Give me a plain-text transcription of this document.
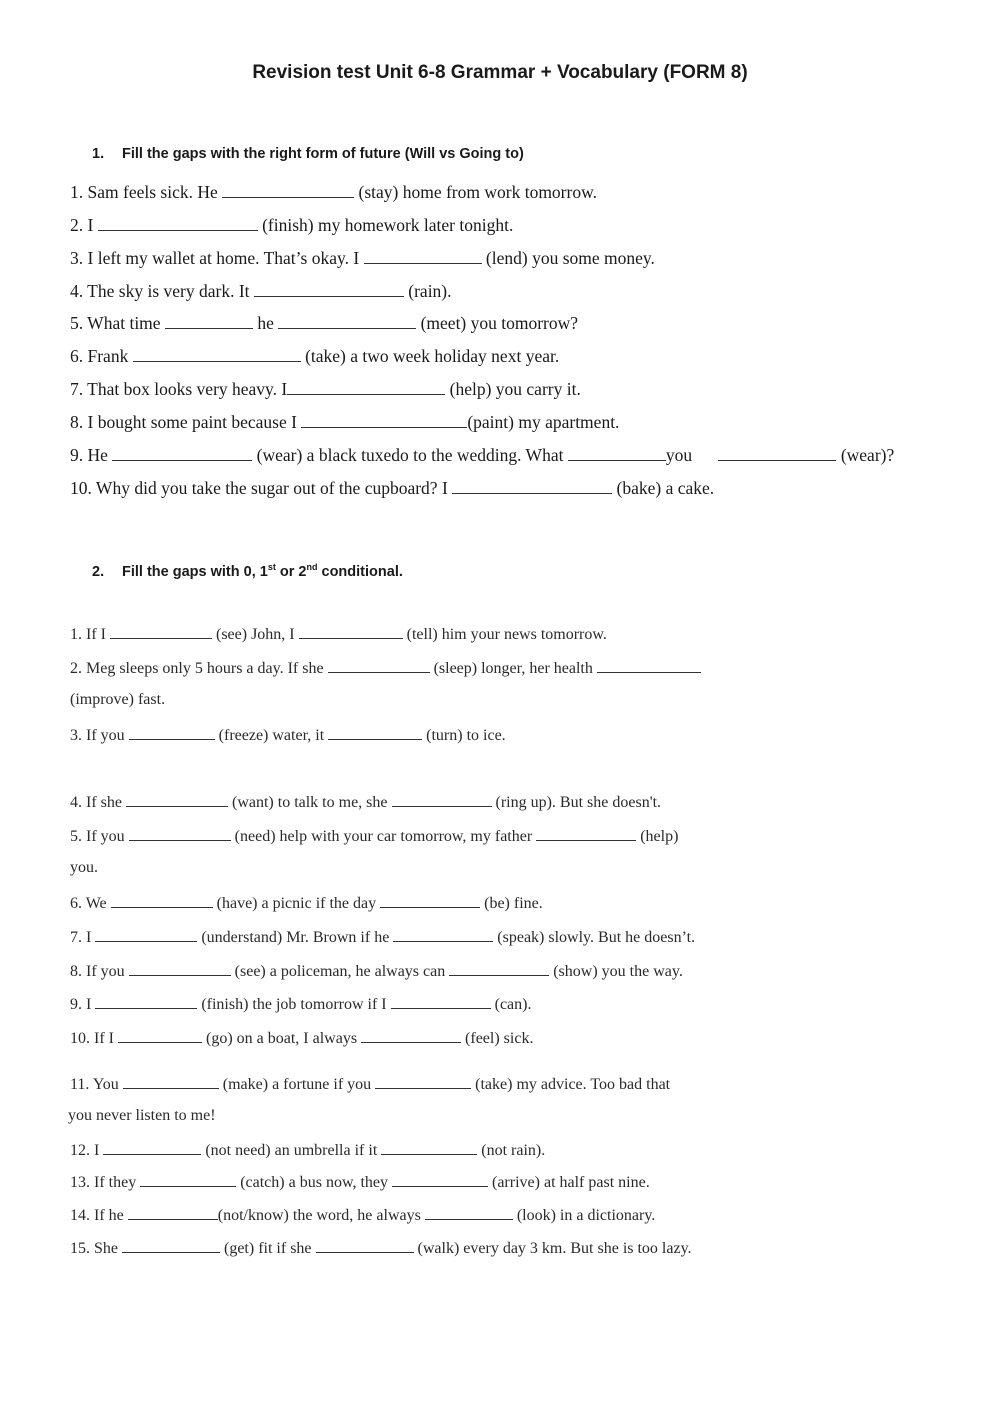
Revision test Unit 6-8 Grammar + Vocabulary (FORM 8)
1. Fill the gaps with the right form of future (Will vs Going to)
1. Sam feels sick. He	(stay) home from work tomorrow.
2. I	(finish) my homework later tonight.
3. I left my wallet at home. That’s okay. I	(lend) you some money.
4. The sky is very dark. It	(rain).
5. What time	he	(meet) you tomorrow?
6. Frank	(take) a two week holiday next year.
7. That box looks very heavy. I	(help) you carry it.
8. I bought some paint because I	(paint) my apartment.
9. He	(wear) a black tuxedo to the wedding. What	you	(wear)?
10. Why did you take the sugar out of the cupboard? I	(bake) a cake.
2. Fill the gaps with 0, 1st or 2nd conditional.
1. If I	(see) John, I	(tell) him your news tomorrow.
2. Meg sleeps only 5 hours a day. If she	(sleep) longer, her health
(improve) fast.
3. If you	(freeze) water, it	(turn) to ice.
4. If she	(want) to talk to me, she	(ring up). But she doesn't.
5. If you	(need) help with your car tomorrow, my father	(help)
you.
6. We	(have) a picnic if the day	(be) fine.
7. I	(understand) Mr. Brown if he	(speak) slowly. But he doesn’t.
8. If you	(see) a policeman, he always can	(show) you the way.
9. I	(finish) the job tomorrow if I	(can).
10. If I	(go) on a boat, I always	(feel) sick.
11. You	(make) a fortune if you	(take) my advice. Too bad that
you never listen to me!
12. I	(not need) an umbrella if it	(not rain).
13. If they	(catch) a bus now, they	(arrive) at half past nine.
14. If he	(not/know) the word, he always	(look) in a dictionary.
15. She	(get) fit if she	(walk) every day 3 km. But she is too lazy.
